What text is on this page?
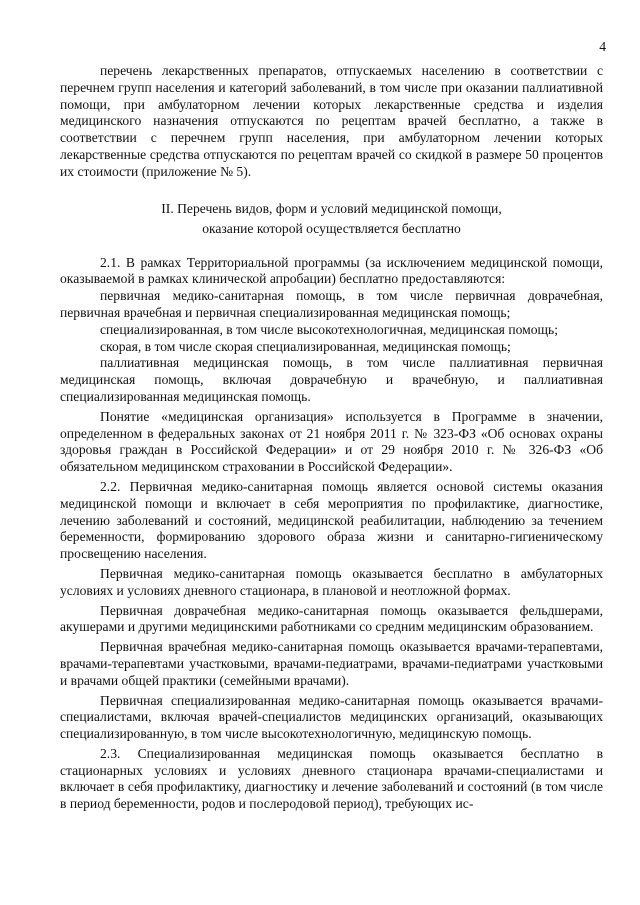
4

перечень лекарственных препаратов, отпускаемых населению в соответствии с перечнем групп населения и категорий заболеваний, в том числе при оказании паллиативной помощи, при амбулаторном лечении которых лекарственные средства и изделия медицинского назначения отпускаются по рецептам врачей бесплатно, а также в соответствии с перечнем групп населения, при амбулаторном лечении которых лекарственные средства отпускаются по рецептам врачей со скидкой в размере 50 процентов их стоимости (приложение № 5).

II. Перечень видов, форм и условий медицинской помощи,
оказание которой осуществляется бесплатно

2.1. В рамках Территориальной программы (за исключением медицинской помощи, оказываемой в рамках клинической апробации) бесплатно предоставляются:

первичная медико-санитарная помощь, в том числе первичная доврачебная, первичная врачебная и первичная специализированная медицинская помощь;

специализированная, в том числе высокотехнологичная, медицинская помощь;

скорая, в том числе скорая специализированная, медицинская помощь;

паллиативная медицинская помощь, в том числе паллиативная первичная медицинская помощь, включая доврачебную и врачебную, и паллиативная специализированная медицинская помощь.

Понятие «медицинская организация» используется в Программе в значении, определенном в федеральных законах от 21 ноября 2011 г. № 323-ФЗ «Об основах охраны здоровья граждан в Российской Федерации» и от 29 ноября 2010 г. № 326-ФЗ «Об обязательном медицинском страховании в Российской Федерации».

2.2. Первичная медико-санитарная помощь является основой системы оказания медицинской помощи и включает в себя мероприятия по профилактике, диагностике, лечению заболеваний и состояний, медицинской реабилитации, наблюдению за течением беременности, формированию здорового образа жизни и санитарно-гигиеническому просвещению населения.

Первичная медико-санитарная помощь оказывается бесплатно в амбулаторных условиях и условиях дневного стационара, в плановой и неотложной формах.

Первичная доврачебная медико-санитарная помощь оказывается фельдшерами, акушерами и другими медицинскими работниками со средним медицинским образованием.

Первичная врачебная медико-санитарная помощь оказывается врачами-терапевтами, врачами-терапевтами участковыми, врачами-педиатрами, врачами-педиатрами участковыми и врачами общей практики (семейными врачами).

Первичная специализированная медико-санитарная помощь оказывается врачами-специалистами, включая врачей-специалистов медицинских организаций, оказывающих специализированную, в том числе высокотехнологичную, медицинскую помощь.

2.3. Специализированная медицинская помощь оказывается бесплатно в стационарных условиях и условиях дневного стационара врачами-специалистами и включает в себя профилактику, диагностику и лечение заболеваний и состояний (в том числе в период беременности, родов и послеродовой период), требующих ис-
